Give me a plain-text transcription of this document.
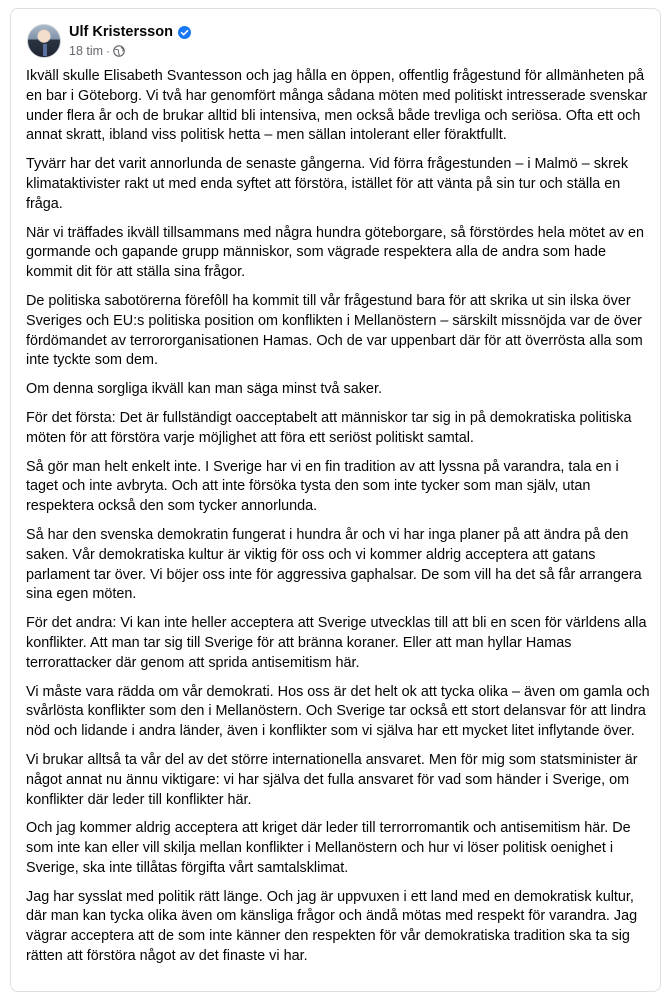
Ulf Kristersson
18 tim ·

Ikväll skulle Elisabeth Svantesson och jag hålla en öppen, offentlig frågestund för allmänheten på en bar i Göteborg. Vi två har genomfört många sådana möten med politiskt intresserade svenskar under flera år och de brukar alltid bli intensiva, men också både trevliga och seriösa. Ofta ett och annat skratt, ibland viss politisk hetta – men sällan intolerant eller föraktfullt.

Tyvärr har det varit annorlunda de senaste gångerna. Vid förra frågestunden – i Malmö – skrek klimataktivister rakt ut med enda syftet att förstöra, istället för att vänta på sin tur och ställa en fråga.

När vi träffades ikväll tillsammans med några hundra göteborgare, så förstördes hela mötet av en gormande och gapande grupp människor, som vägrade respektera alla de andra som hade kommit dit för att ställa sina frågor.

De politiska sabotörerna förefôll ha kommit till vår frågestund bara för att skrika ut sin ilska över Sveriges och EU:s politiska position om konflikten i Mellanöstern – särskilt missnöjda var de över fördömandet av terrororganisationen Hamas. Och de var uppenbart där för att överrösta alla som inte tyckte som dem.

Om denna sorgliga ikväll kan man säga minst två saker.

För det första: Det är fullständigt oacceptabelt att människor tar sig in på demokratiska politiska möten för att förstöra varje möjlighet att föra ett seriöst politiskt samtal.

Så gör man helt enkelt inte. I Sverige har vi en fin tradition av att lyssna på varandra, tala en i taget och inte avbryta. Och att inte försöka tysta den som inte tycker som man själv, utan respektera också den som tycker annorlunda.

Så har den svenska demokratin fungerat i hundra år och vi har inga planer på att ändra på den saken. Vår demokratiska kultur är viktig för oss och vi kommer aldrig acceptera att gatans parlament tar över. Vi böjer oss inte för aggressiva gaphalsar. De som vill ha det så får arrangera sina egen möten.

För det andra: Vi kan inte heller acceptera att Sverige utvecklas till att bli en scen för världens alla konflikter. Att man tar sig till Sverige för att bränna koraner. Eller att man hyllar Hamas terrorattacker där genom att sprida antisemitism här.

Vi måste vara rädda om vår demokrati. Hos oss är det helt ok att tycka olika – även om gamla och svårlösta konflikter som den i Mellanöstern. Och Sverige tar också ett stort delansvar för att lindra nöd och lidande i andra länder, även i konflikter som vi själva har ett mycket litet inflytande över.

Vi brukar alltså ta vår del av det större internationella ansvaret. Men för mig som statsminister är något annat nu ännu viktigare: vi har själva det fulla ansvaret för vad som händer i Sverige, om konflikter där leder till konflikter här.

Och jag kommer aldrig acceptera att kriget där leder till terrorromantik och antisemitism här. De som inte kan eller vill skilja mellan konflikter i Mellanöstern och hur vi löser politisk oenighet i Sverige, ska inte tillåtas förgifta vårt samtalsklimat.

Jag har sysslat med politik rätt länge. Och jag är uppvuxen i ett land med en demokratisk kultur, där man kan tycka olika även om känsliga frågor och ändå mötas med respekt för varandra. Jag vägrar acceptera att de som inte känner den respekten för vår demokratiska tradition ska ta sig rätten att förstöra något av det finaste vi har.
